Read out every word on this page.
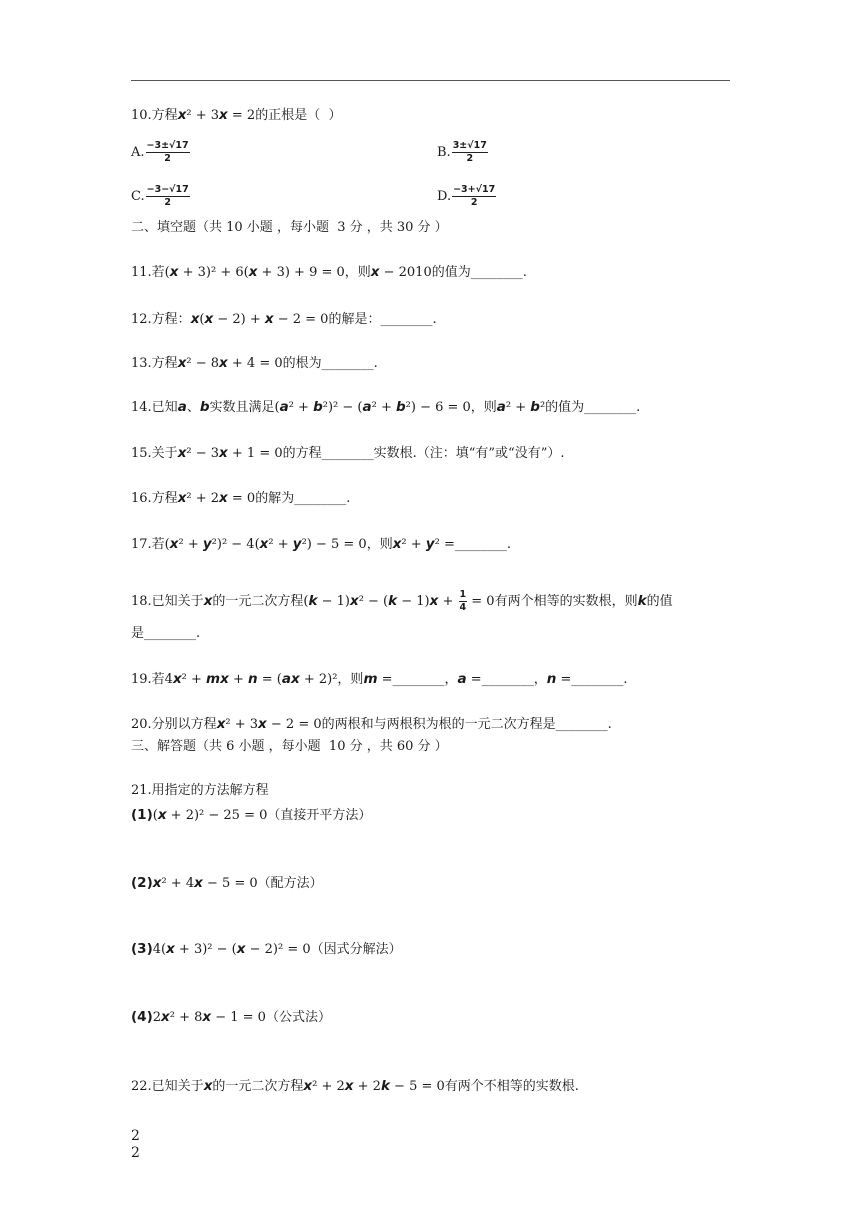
10.方程x² + 3x = 2的正根是（  ）
A. $\frac{-3\pm√17}{2}$	B. $\frac{3\pm√17}{2}$
C. $\frac{-3-√17}{2}$	D. $\frac{-3+√17}{2}$
二、填空题（共 10 小题 ，每小题  3 分 ，共 30 分 ）
11.若(x + 3)² + 6(x + 3) + 9 = 0，则x − 2010的值为________.
12.方程：x(x − 2) + x − 2 = 0的解是：________.
13.方程x² − 8x + 4 = 0的根为________.
14.已知a、b实数且满足(a² + b²)² − (a² + b²) − 6 = 0，则a² + b²的值为________.
15.关于x² − 3x + 1 = 0的方程________实数根.（注：填“有”或“没有”）.
16.方程x² + 2x = 0的解为________.
17.若(x² + y²)² − 4(x² + y²) − 5 = 0，则x² + y² =________.
18.已知关于x的一元二次方程$(k - 1)x^2 - (k - 1)x + \frac{1}{4} = 0$有两个相等的实数根，则k的值
是________.
19.若4x² + mx + n = (ax + 2)²，则m =________，a =________，n =________.
20.分别以方程x² + 3x − 2 = 0的两根和与两根积为根的一元二次方程是________.
三、解答题（共 6 小题 ，每小题  10 分 ，共 60 分 ）
21.用指定的方法解方程
(1)(x + 2)² − 25 = 0（直接开平方法）
(2)x² + 4x − 5 = 0（配方法）
(3)4(x + 3)² − (x − 2)² = 0（因式分解法）
(4)2x² + 8x − 1 = 0（公式法）
22.已知关于x的一元二次方程x² + 2x + 2k − 5 = 0有两个不相等的实数根.
2
2
